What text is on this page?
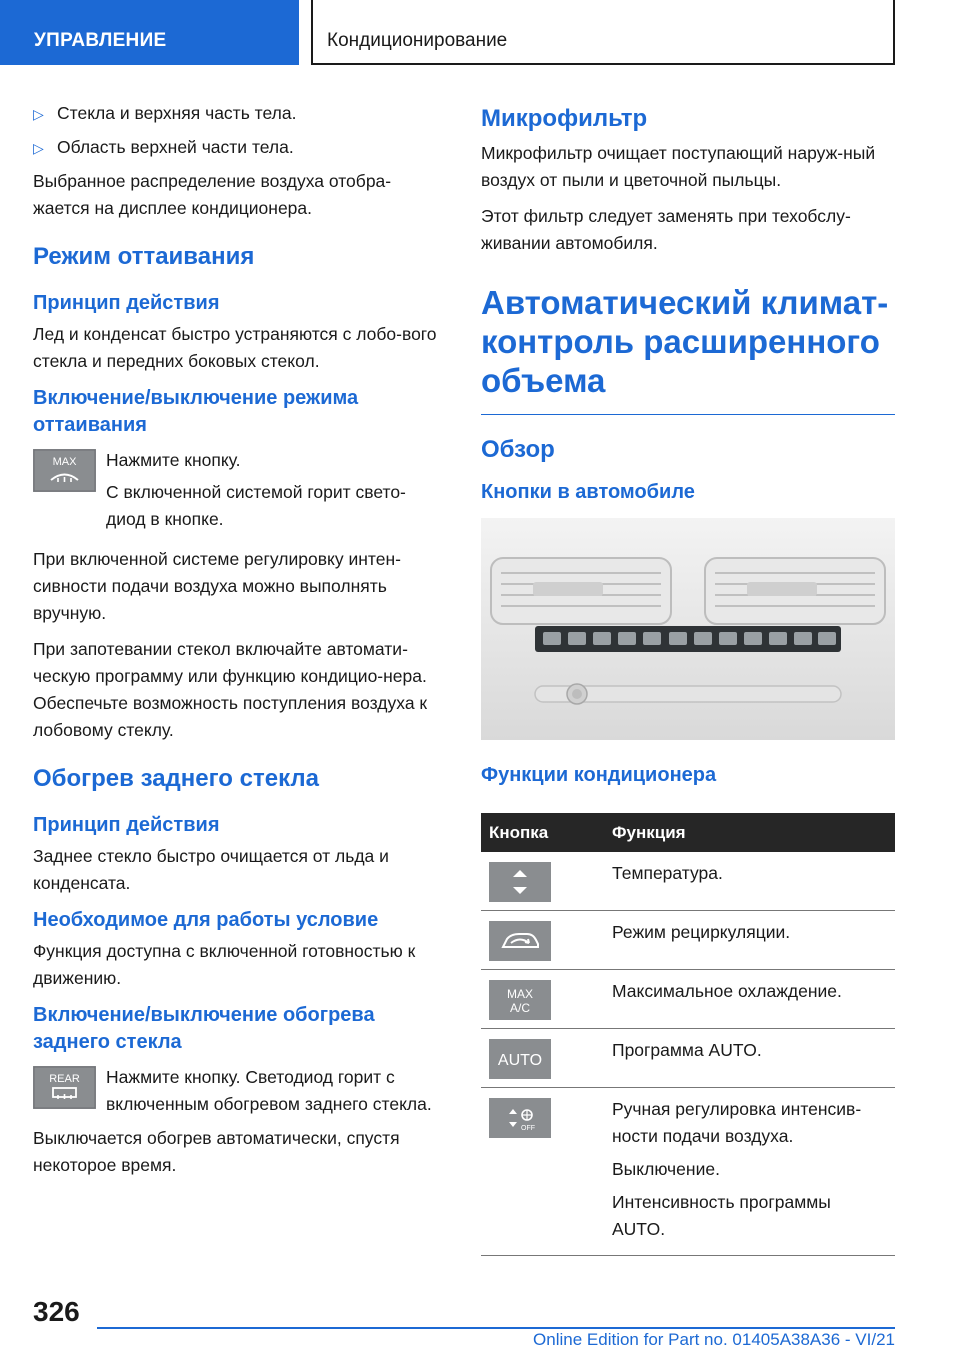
УПРАВЛЕНИЕ	Кондиционирование
▷ Стекла и верхняя часть тела.
▷ Область верхней части тела.

Выбранное распределение воздуха отобра-жается на дисплее кондиционера.

Режим оттаивания
Принцип действия

Лед и конденсат быстро устраняются с лобо-вого стекла и передних боковых стекол.

Включение/выключение режима оттаивания
MAX Нажмите кнопку.

С включенной системой горит свето-диод в кнопке.

При включенной системе регулировку интен-сивности подачи воздуха можно выполнять вручную.

При запотевании стекол включайте автомати-ческую программу или функцию кондицио-нера. Обеспечьте возможность поступления воздуха к лобовому стеклу.

Обогрев заднего стекла
Принцип действия

Заднее стекло быстро очищается от льда и конденсата.

Необходимое для работы условие

Функция доступна с включенной готовностью к движению.

Включение/выключение обогрева заднего стекла
REAR Нажмите кнопку. Светодиод горит с включенным обогревом заднего стекла.

Выключается обогрев автоматически, спустя некоторое время.

Микрофильтр

Микрофильтр очищает поступающий наруж-ный воздух от пыли и цветочной пыльцы.

Этот фильтр следует заменять при техобслу-живании автомобиля.

Автоматический климат-контроль расширенного объема
Обзор
Кнопки в автомобиле
Функции кондиционера
Кнопка	Функция

Температура.

Режим рециркуляции.

MAX
A/C	Максимальное охлаждение.

AUTO	Программа AUTO.

OFF	Ручная регулировка интенсив-ности подачи воздуха.

Выключение.

Интенсивность программы AUTO.

326
Online Edition for Part no. 01405A38A36 - VI/21
